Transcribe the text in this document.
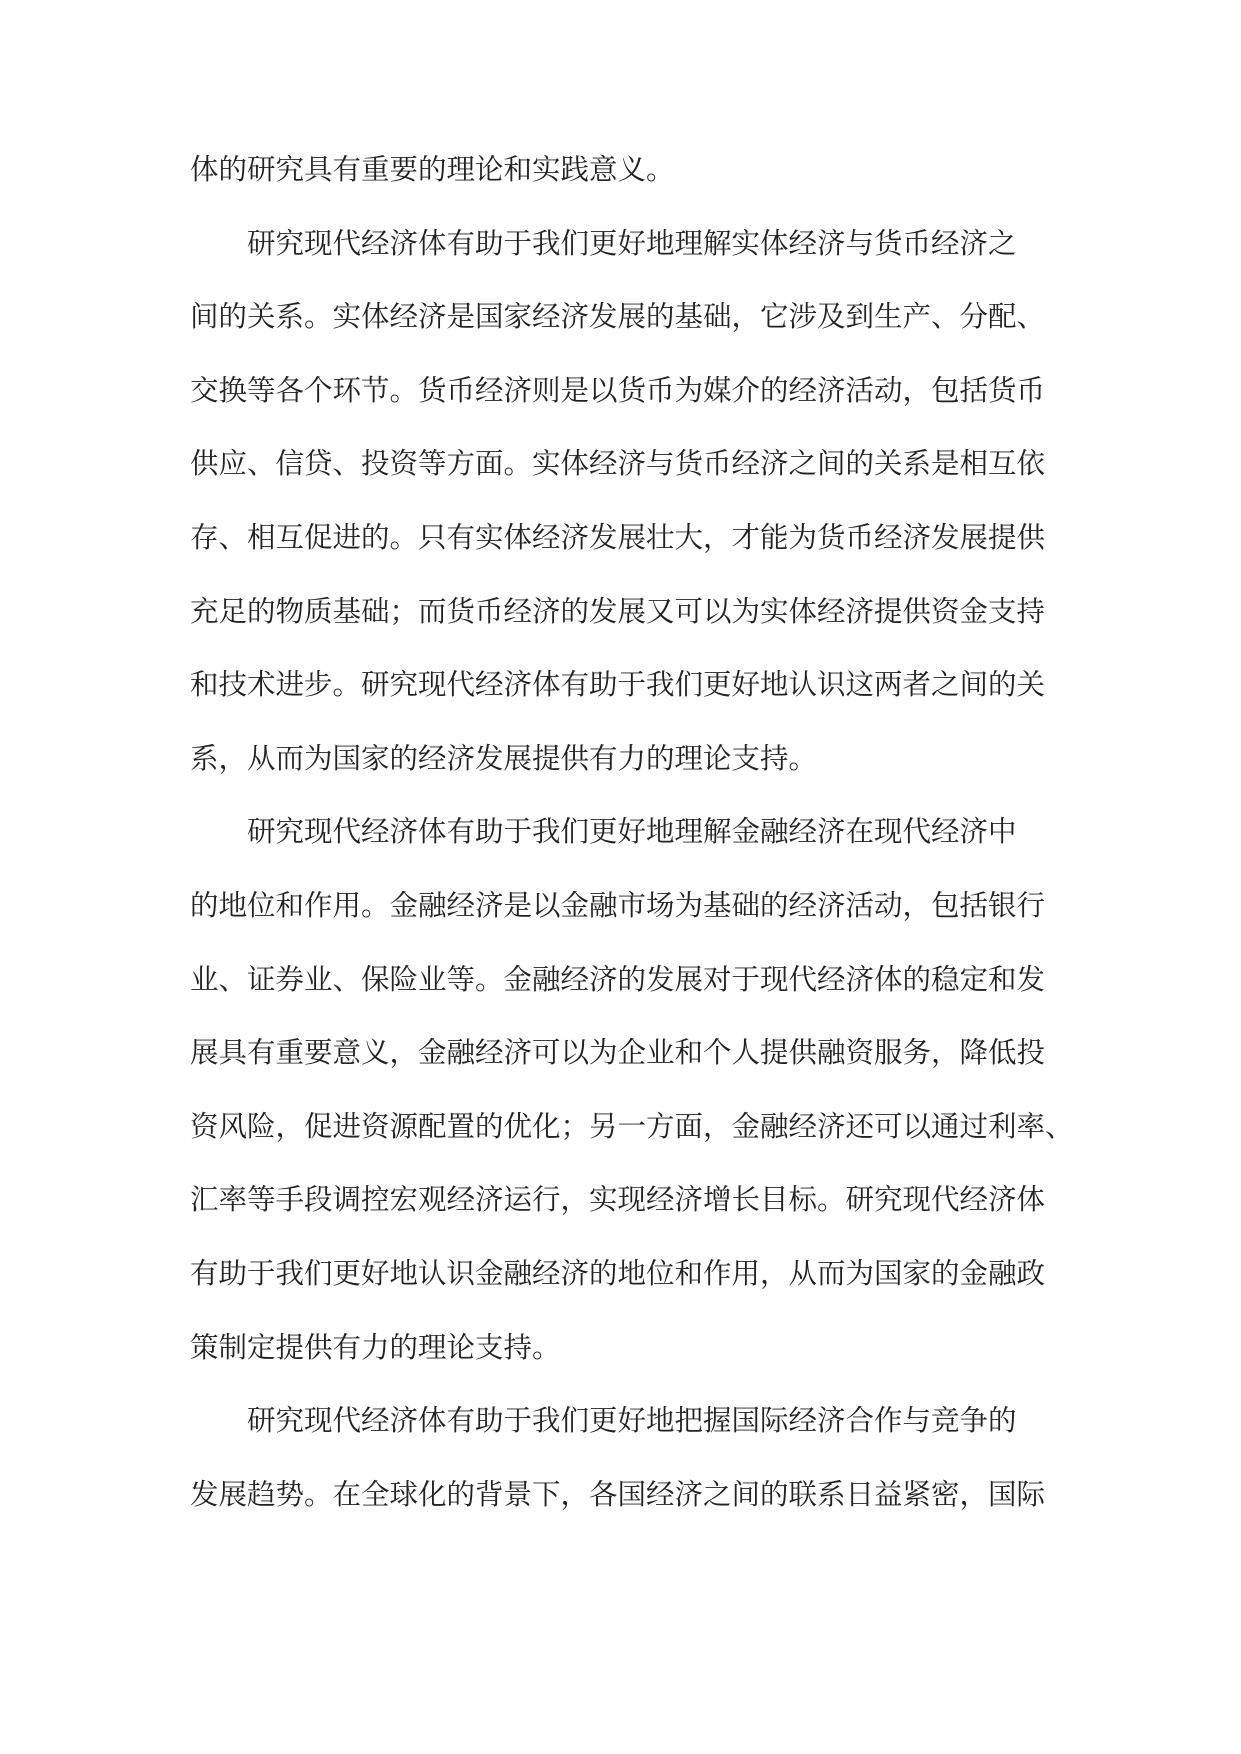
体的研究具有重要的理论和实践意义。
研究现代经济体有助于我们更好地理解实体经济与货币经济之
间的关系。实体经济是国家经济发展的基础，它涉及到生产、分配、
交换等各个环节。货币经济则是以货币为媒介的经济活动，包括货币
供应、信贷、投资等方面。实体经济与货币经济之间的关系是相互依
存、相互促进的。只有实体经济发展壮大，才能为货币经济发展提供
充足的物质基础；而货币经济的发展又可以为实体经济提供资金支持
和技术进步。研究现代经济体有助于我们更好地认识这两者之间的关
系，从而为国家的经济发展提供有力的理论支持。
研究现代经济体有助于我们更好地理解金融经济在现代经济中
的地位和作用。金融经济是以金融市场为基础的经济活动，包括银行
业、证券业、保险业等。金融经济的发展对于现代经济体的稳定和发
展具有重要意义，金融经济可以为企业和个人提供融资服务，降低投
资风险，促进资源配置的优化；另一方面，金融经济还可以通过利率、
汇率等手段调控宏观经济运行，实现经济增长目标。研究现代经济体
有助于我们更好地认识金融经济的地位和作用，从而为国家的金融政
策制定提供有力的理论支持。
研究现代经济体有助于我们更好地把握国际经济合作与竞争的
发展趋势。在全球化的背景下，各国经济之间的联系日益紧密，国际
